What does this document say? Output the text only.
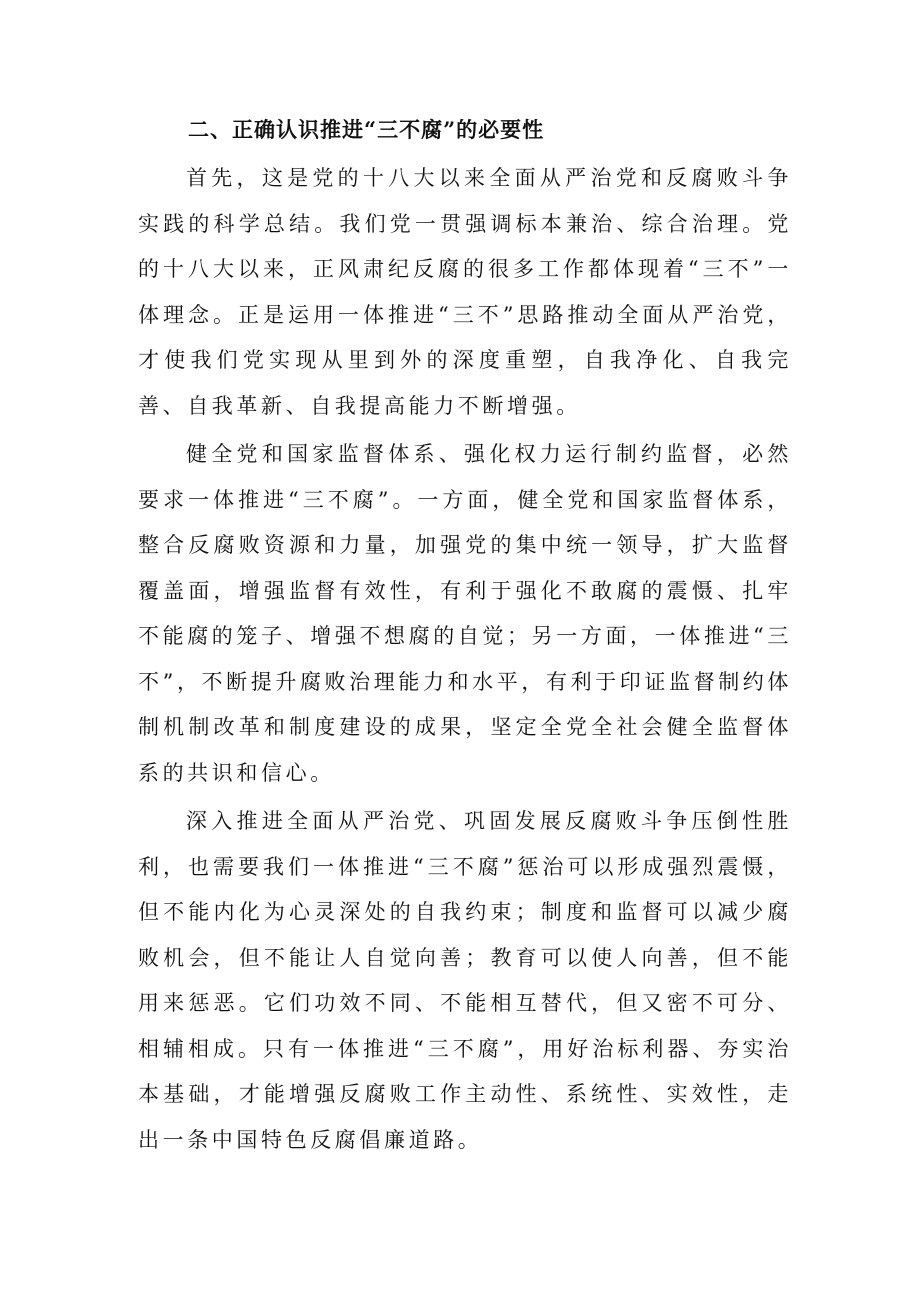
二、正确认识推进“三不腐”的必要性

首先，这是党的十八大以来全面从严治党和反腐败斗争实践的科学总结。我们党一贯强调标本兼治、综合治理。党的十八大以来，正风肃纪反腐的很多工作都体现着“三不”一体理念。正是运用一体推进“三不”思路推动全面从严治党，才使我们党实现从里到外的深度重塑，自我净化、自我完善、自我革新、自我提高能力不断增强。

健全党和国家监督体系、强化权力运行制约监督，必然要求一体推进“三不腐”。一方面，健全党和国家监督体系，整合反腐败资源和力量，加强党的集中统一领导，扩大监督覆盖面，增强监督有效性，有利于强化不敢腐的震慑、扎牢不能腐的笼子、增强不想腐的自觉；另一方面，一体推进“三不”，不断提升腐败治理能力和水平，有利于印证监督制约体制机制改革和制度建设的成果，坚定全党全社会健全监督体系的共识和信心。

深入推进全面从严治党、巩固发展反腐败斗争压倒性胜利，也需要我们一体推进“三不腐”惩治可以形成强烈震慑，但不能内化为心灵深处的自我约束；制度和监督可以减少腐败机会，但不能让人自觉向善；教育可以使人向善，但不能用来惩恶。它们功效不同、不能相互替代，但又密不可分、相辅相成。只有一体推进“三不腐”，用好治标利器、夯实治本基础，才能增强反腐败工作主动性、系统性、实效性，走出一条中国特色反腐倡廉道路。
